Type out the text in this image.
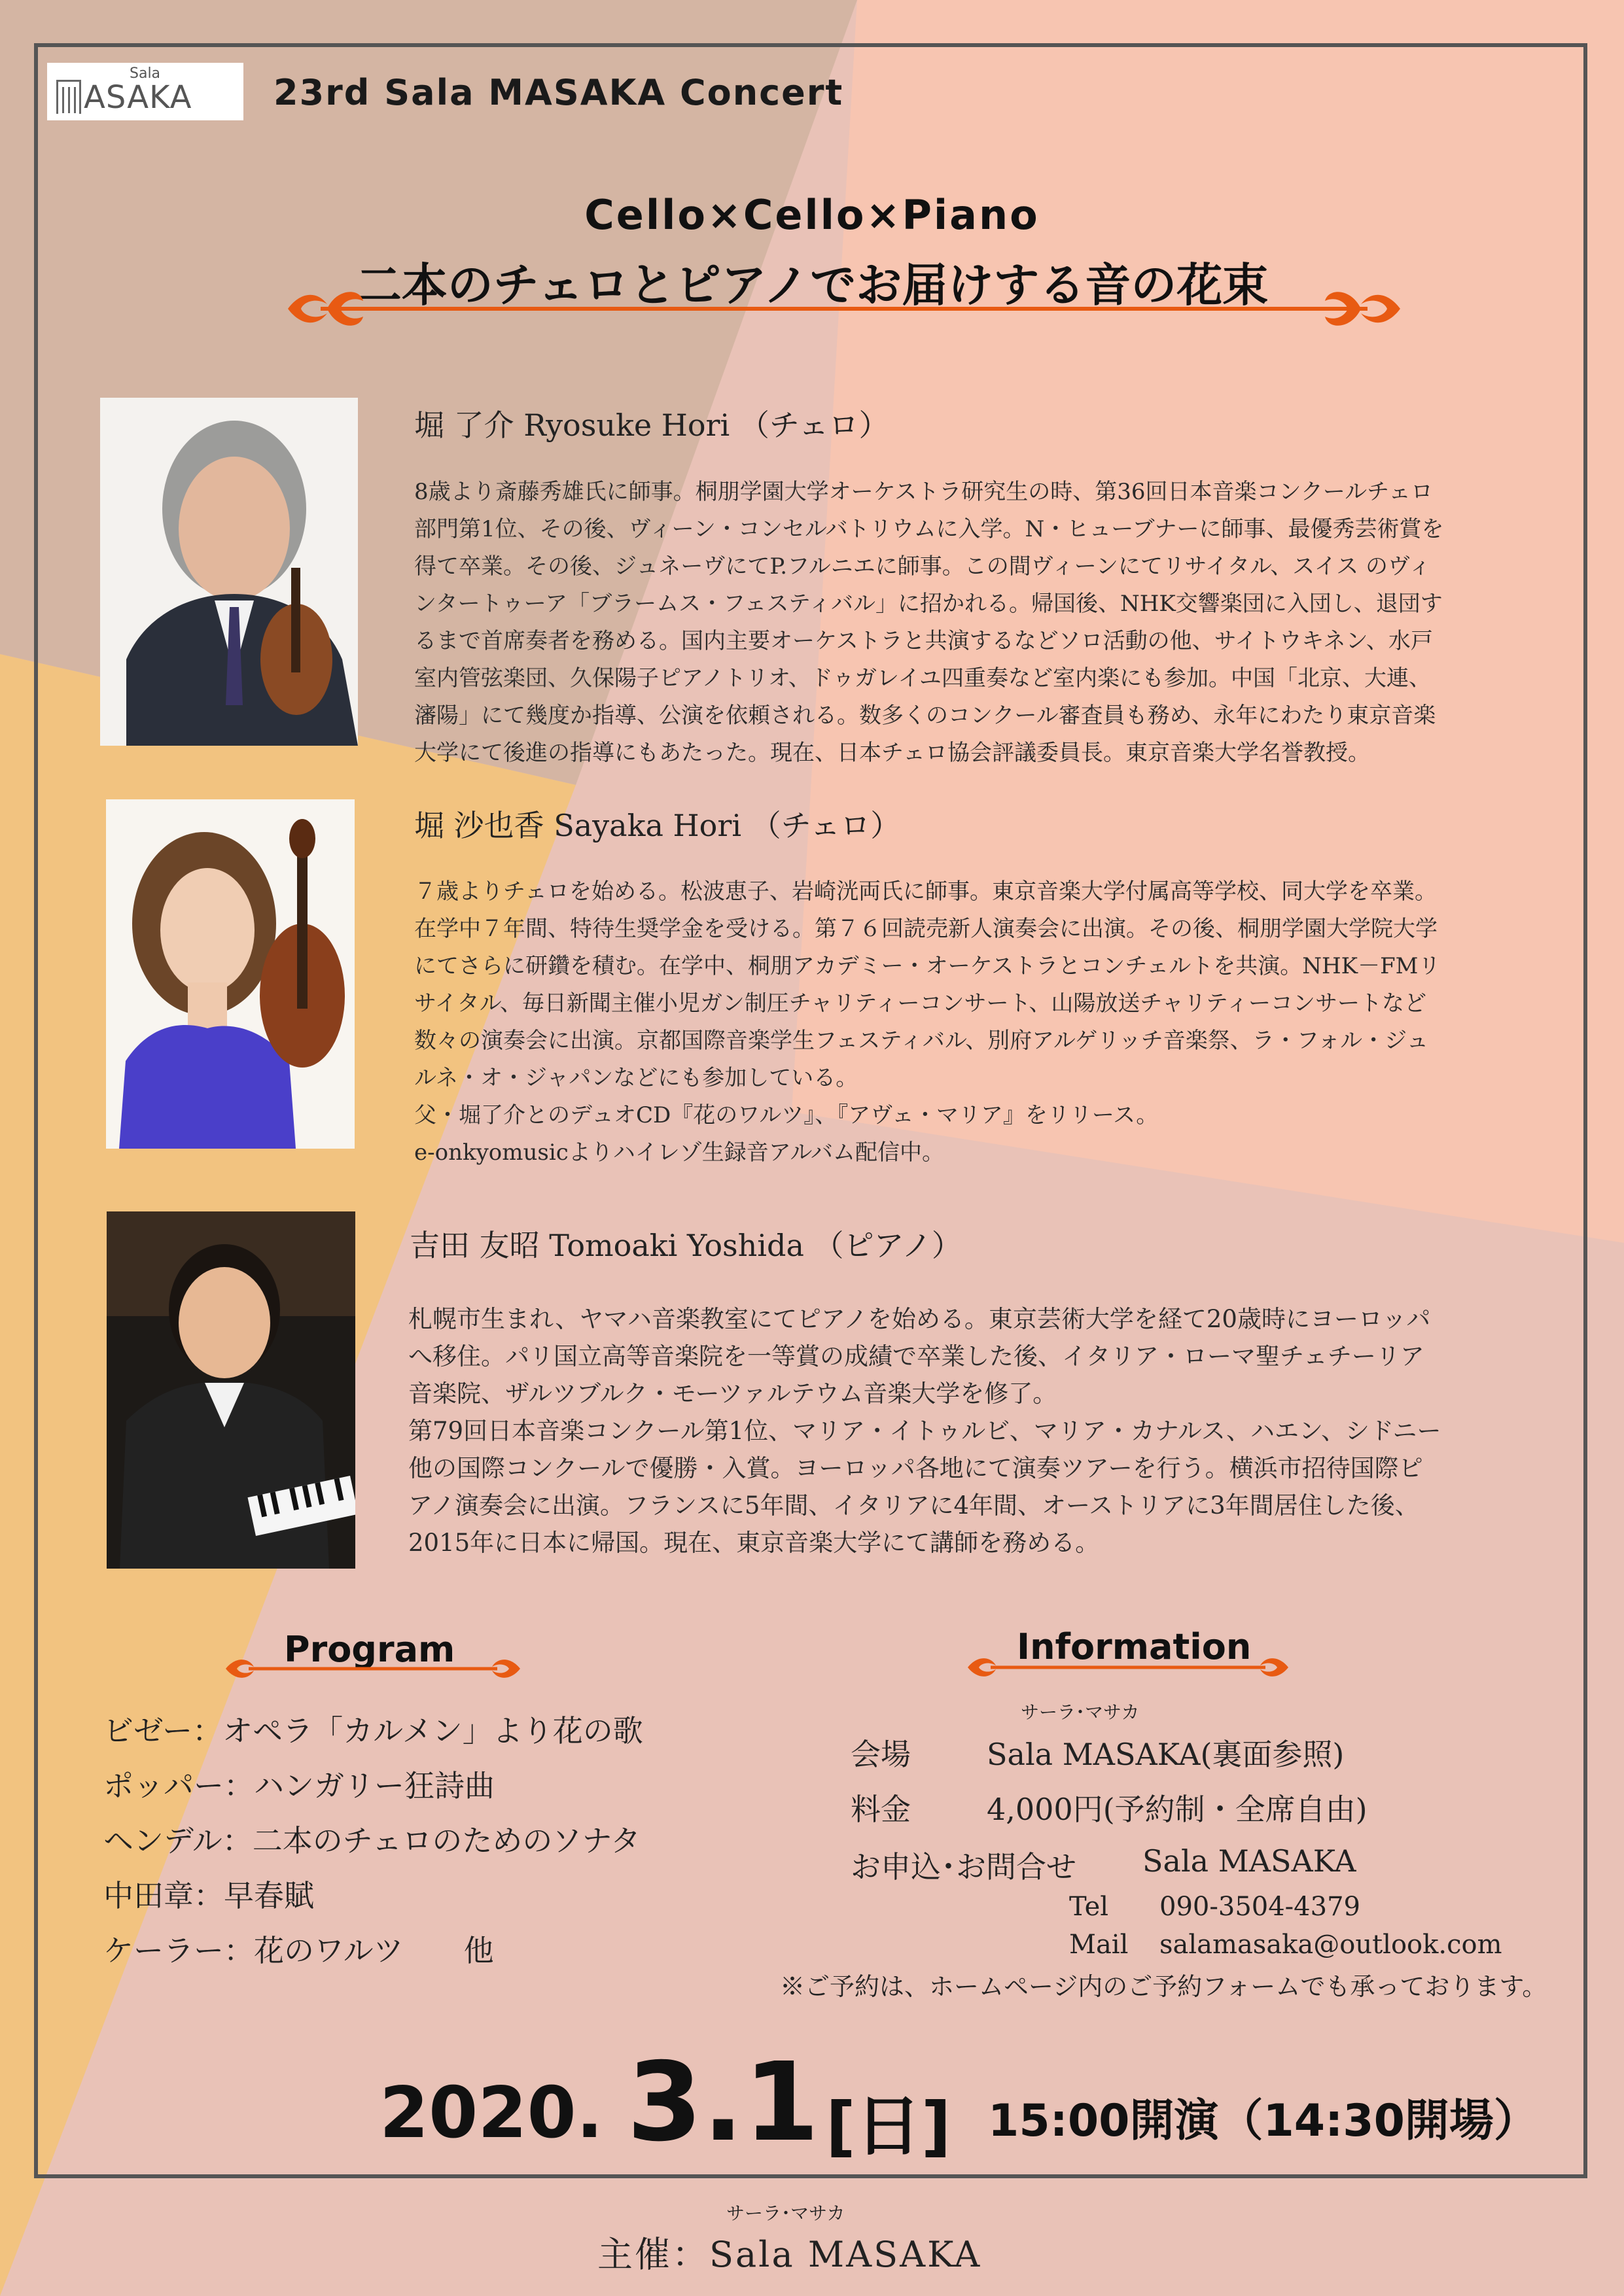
Sala
ASAKA 23rd Sala MASAKA Concert
Cello×Cello×Piano
二本のチェロとピアノでお届けする音の花束
堀 了介 Ryosuke Hori （チェロ）
8歳より斎藤秀雄氏に師事。桐朋学園大学オーケストラ研究生の時、第36回日本音楽コンクールチェロ
部門第1位、その後、ヴィーン・コンセルバトリウムに入学。N・ヒューブナーに師事、最優秀芸術賞を
得て卒業。その後、ジュネーヴにてP.フルニエに師事。この間ヴィーンにてリサイタル、スイス のヴィ
ンタートゥーア「ブラームス・フェスティバル」に招かれる。帰国後、NHK交響楽団に入団し、退団す
るまで首席奏者を務める。国内主要オーケストラと共演するなどソロ活動の他、サイトウキネン、水戸
室内管弦楽団、久保陽子ピアノトリオ、ドゥガレイユ四重奏など室内楽にも参加。中国「北京、大連、
瀋陽」にて幾度か指導、公演を依頼される。数多くのコンクール審査員も務め、永年にわたり東京音楽
大学にて後進の指導にもあたった。現在、日本チェロ協会評議委員長。東京音楽大学名誉教授。
堀 沙也香 Sayaka Hori （チェロ）
７歳よりチェロを始める。松波恵子、岩崎洸両氏に師事。東京音楽大学付属高等学校、同大学を卒業。
在学中７年間、特待生奨学金を受ける。第７６回読売新人演奏会に出演。その後、桐朋学園大学院大学
にてさらに研鑽を積む。在学中、桐朋アカデミー・オーケストラとコンチェルトを共演。NHK－FMリ
サイタル、毎日新聞主催小児ガン制圧チャリティーコンサート、山陽放送チャリティーコンサートなど
数々の演奏会に出演。京都国際音楽学生フェスティバル、別府アルゲリッチ音楽祭、ラ・フォル・ジュ
ルネ・オ・ジャパンなどにも参加している。
父・堀了介とのデュオCD『花のワルツ』、『アヴェ・マリア』をリリース。
e-onkyomusicよりハイレゾ生録音アルバム配信中。
吉田 友昭 Tomoaki Yoshida （ピアノ）
札幌市生まれ、ヤマハ音楽教室にてピアノを始める。東京芸術大学を経て20歳時にヨーロッパ
へ移住。パリ国立高等音楽院を一等賞の成績で卒業した後、イタリア・ローマ聖チェチーリア
音楽院、ザルツブルク・モーツァルテウム音楽大学を修了。
第79回日本音楽コンクール第1位、マリア・イトゥルビ、マリア・カナルス、ハエン、シドニー
他の国際コンクールで優勝・入賞。ヨーロッパ各地にて演奏ツアーを行う。横浜市招待国際ピ
アノ演奏会に出演。フランスに5年間、イタリアに4年間、オーストリアに3年間居住した後、
2015年に日本に帰国。現在、東京音楽大学にて講師を務める。
Program
ビゼー：オペラ「カルメン」より花の歌
ポッパー：ハンガリー狂詩曲
ヘンデル：二本のチェロのためのソナタ
中田章：早春賦
ケーラー：花のワルツ　　他
Information
サーラ･マサカ
会場	Sala MASAKA(裏面参照)
料金	4,000円(予約制・全席自由)
お申込･お問合せ Sala MASAKA
Tel 090-3504-4379
Mail salamasaka@outlook.com
※ご予約は、ホームページ内のご予約フォームでも承っております。
2020. 3.1 [日] 15:00開演（14:30開場）
サーラ･マサカ
主催：Sala MASAKA
